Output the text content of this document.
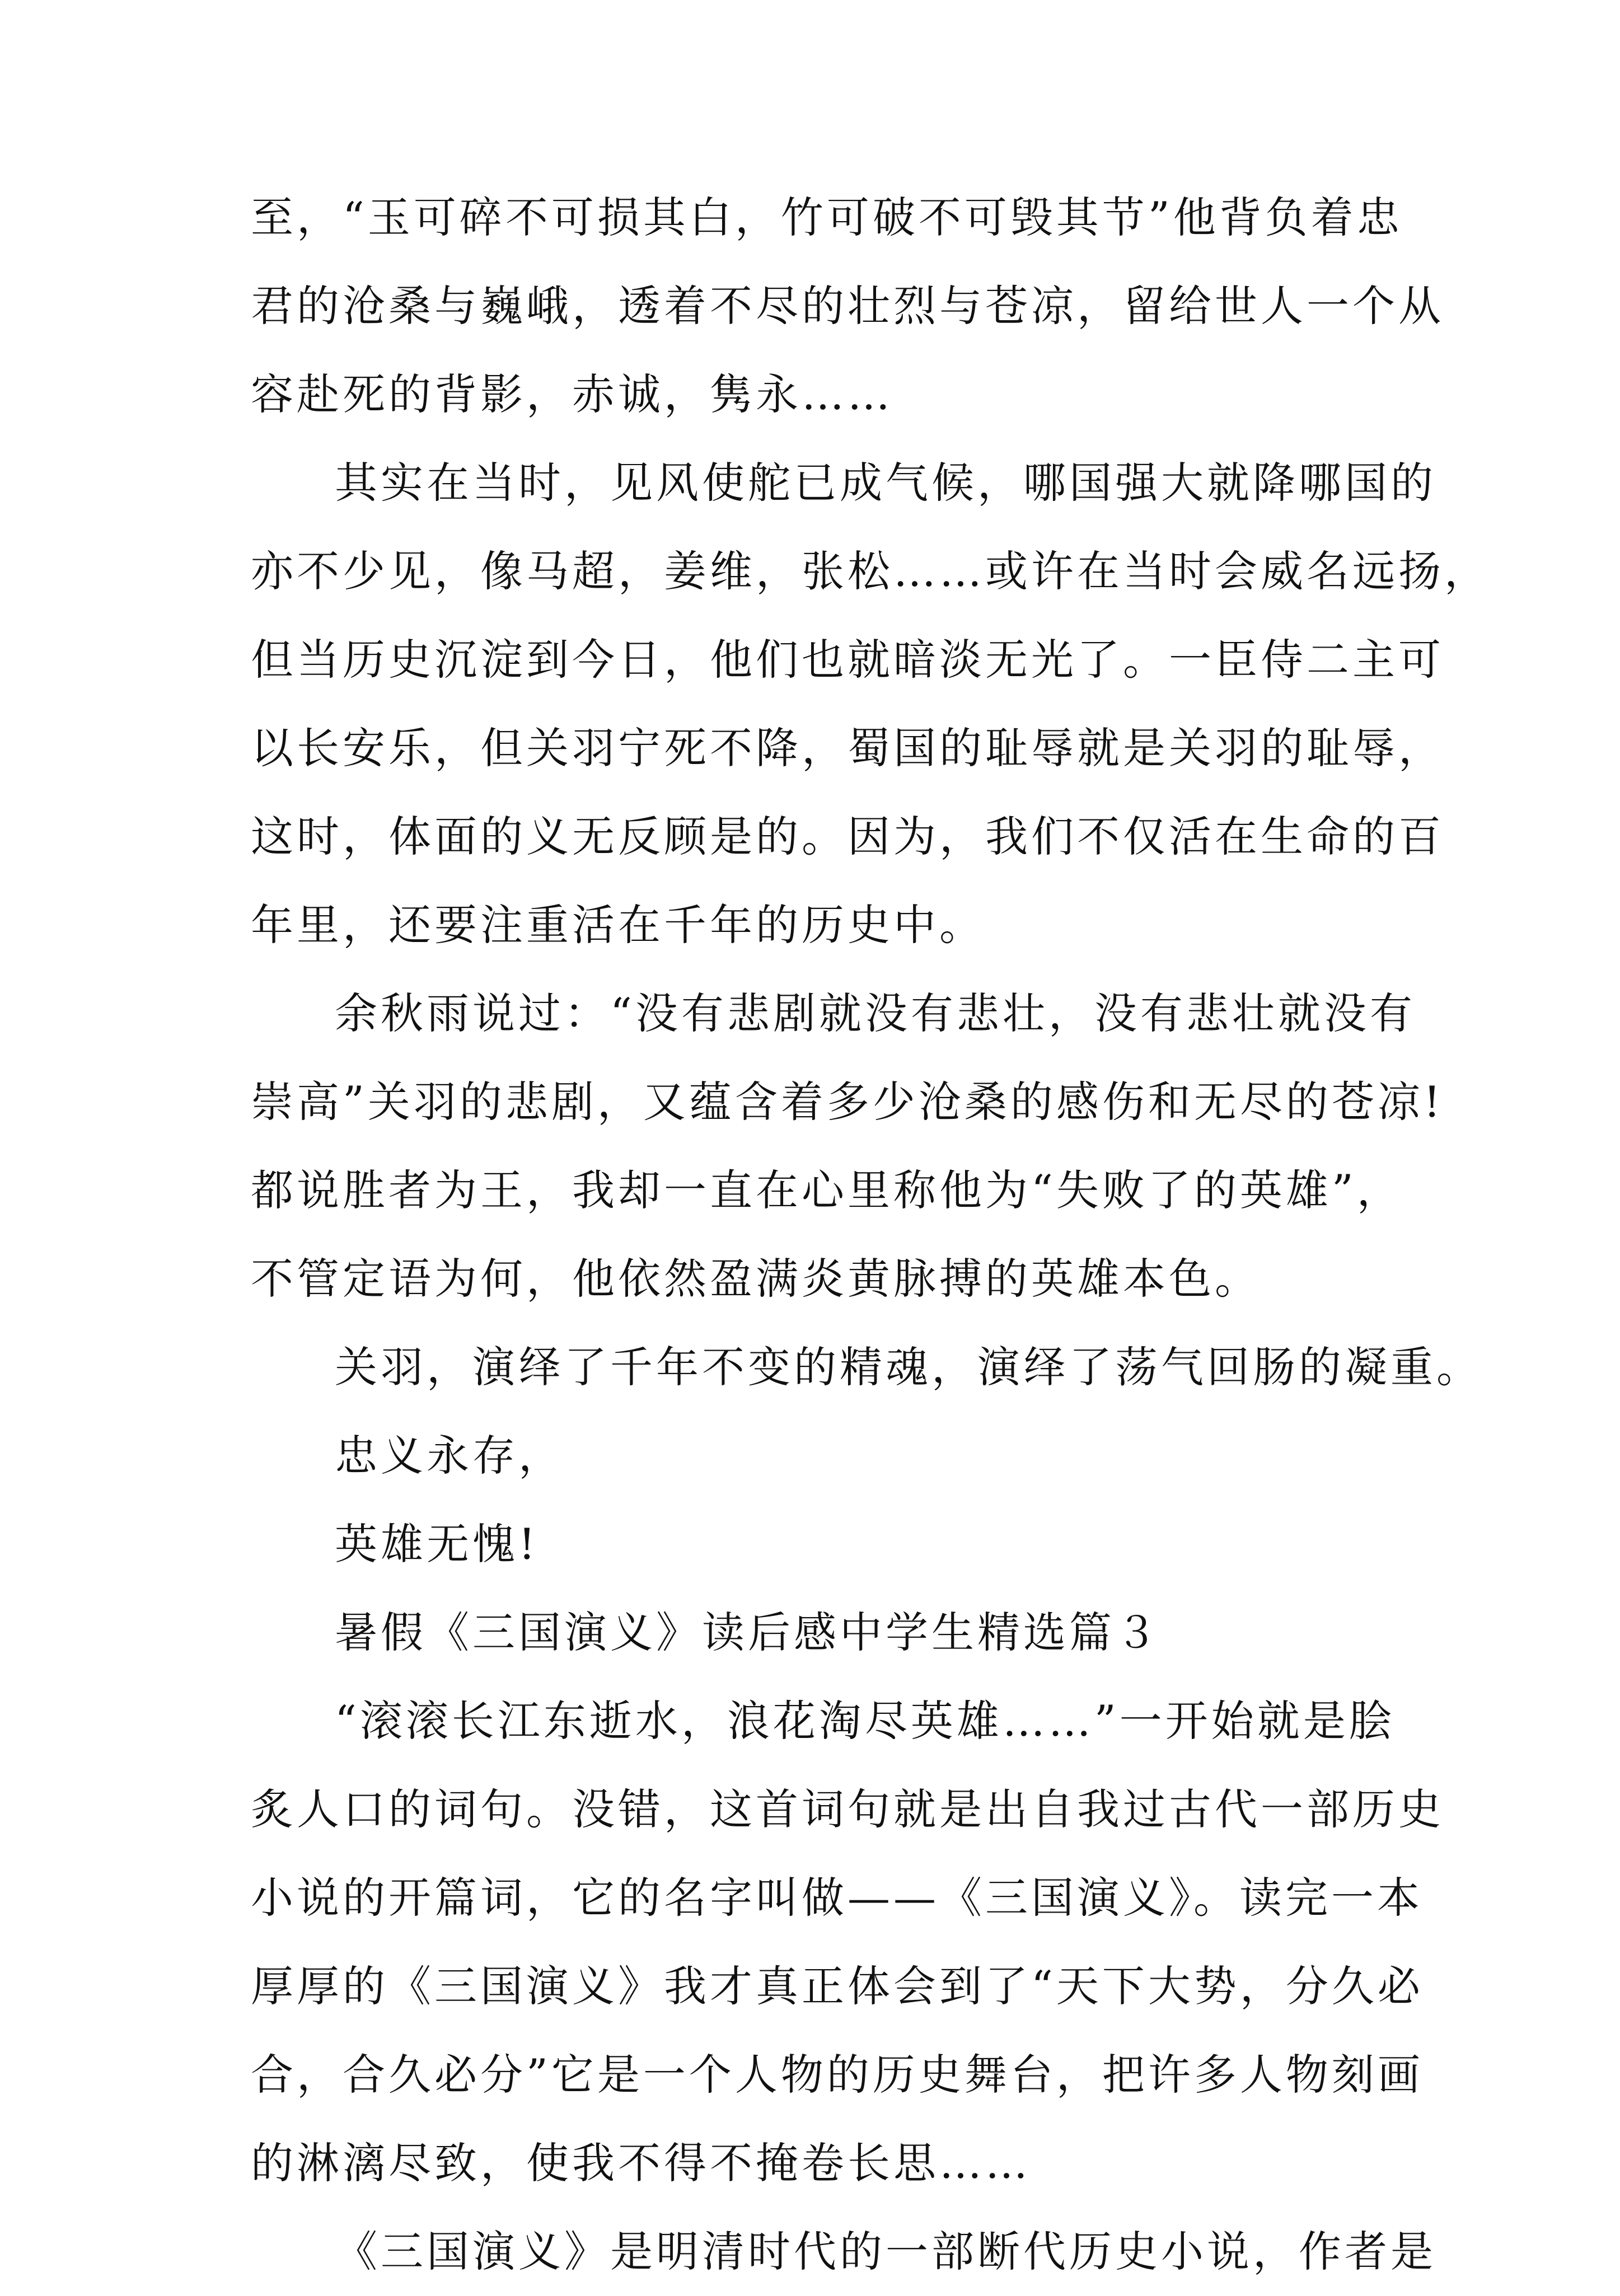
至，“玉可碎不可损其白，竹可破不可毁其节”他背负着忠
君的沧桑与巍峨，透着不尽的壮烈与苍凉，留给世人一个从
容赴死的背影，赤诚，隽永……
其实在当时，见风使舵已成气候，哪国强大就降哪国的
亦不少见，像马超，姜维，张松……或许在当时会威名远扬，
但当历史沉淀到今日，他们也就暗淡无光了。一臣侍二主可
以长安乐，但关羽宁死不降，蜀国的耻辱就是关羽的耻辱，
这时，体面的义无反顾是的。因为，我们不仅活在生命的百
年里，还要注重活在千年的历史中。
余秋雨说过：“没有悲剧就没有悲壮，没有悲壮就没有
崇高”关羽的悲剧，又蕴含着多少沧桑的感伤和无尽的苍凉!
都说胜者为王，我却一直在心里称他为“失败了的英雄”，
不管定语为何，他依然盈满炎黄脉搏的英雄本色。
关羽，演绎了千年不变的精魂，演绎了荡气回肠的凝重。
忠义永存，
英雄无愧!
暑假《三国演义》读后感中学生精选篇３
“滚滚长江东逝水，浪花淘尽英雄……”一开始就是脍
炙人口的词句。没错，这首词句就是出自我过古代一部历史
小说的开篇词，它的名字叫做——《三国演义》。读完一本
厚厚的《三国演义》我才真正体会到了“天下大势，分久必
合，合久必分”它是一个人物的历史舞台，把许多人物刻画
的淋漓尽致，使我不得不掩卷长思……
《三国演义》是明清时代的一部断代历史小说，作者是
